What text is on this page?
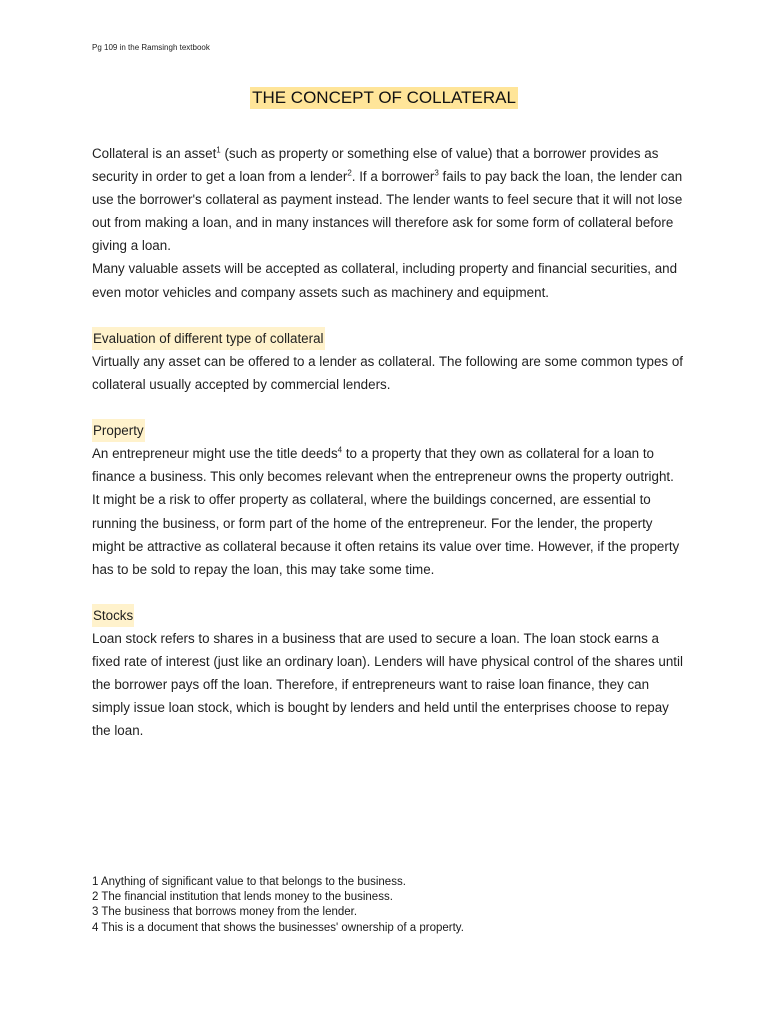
Pg 109 in the Ramsingh textbook
THE CONCEPT OF COLLATERAL

Collateral is an asset$^1$ (such as property or something else of value) that a borrower provides as security in order to get a loan from a lender$^2$. If a borrower$^3$ fails to pay back the loan, the lender can use the borrower's collateral as payment instead. The lender wants to feel secure that it will not lose out from making a loan, and in many instances will therefore ask for some form of collateral before giving a loan.

Many valuable assets will be accepted as collateral, including property and financial securities, and even motor vehicles and company assets such as machinery and equipment.

Evaluation of different type of collateral

Virtually any asset can be offered to a lender as collateral. The following are some common types of collateral usually accepted by commercial lenders.

Property

An entrepreneur might use the title deeds$^4$ to a property that they own as collateral for a loan to finance a business. This only becomes relevant when the entrepreneur owns the property outright. It might be a risk to offer property as collateral, where the buildings concerned, are essential to running the business, or form part of the home of the entrepreneur. For the lender, the property might be attractive as collateral because it often retains its value over time. However, if the property has to be sold to repay the loan, this may take some time.

Stocks

Loan stock refers to shares in a business that are used to secure a loan. The loan stock earns a fixed rate of interest (just like an ordinary loan). Lenders will have physical control of the shares until the borrower pays off the loan. Therefore, if entrepreneurs want to raise loan finance, they can simply issue loan stock, which is bought by lenders and held until the enterprises choose to repay the loan.

1 Anything of significant value to that belongs to the business.
2 The financial institution that lends money to the business.
3 The business that borrows money from the lender.
4 This is a document that shows the businesses' ownership of a property.
